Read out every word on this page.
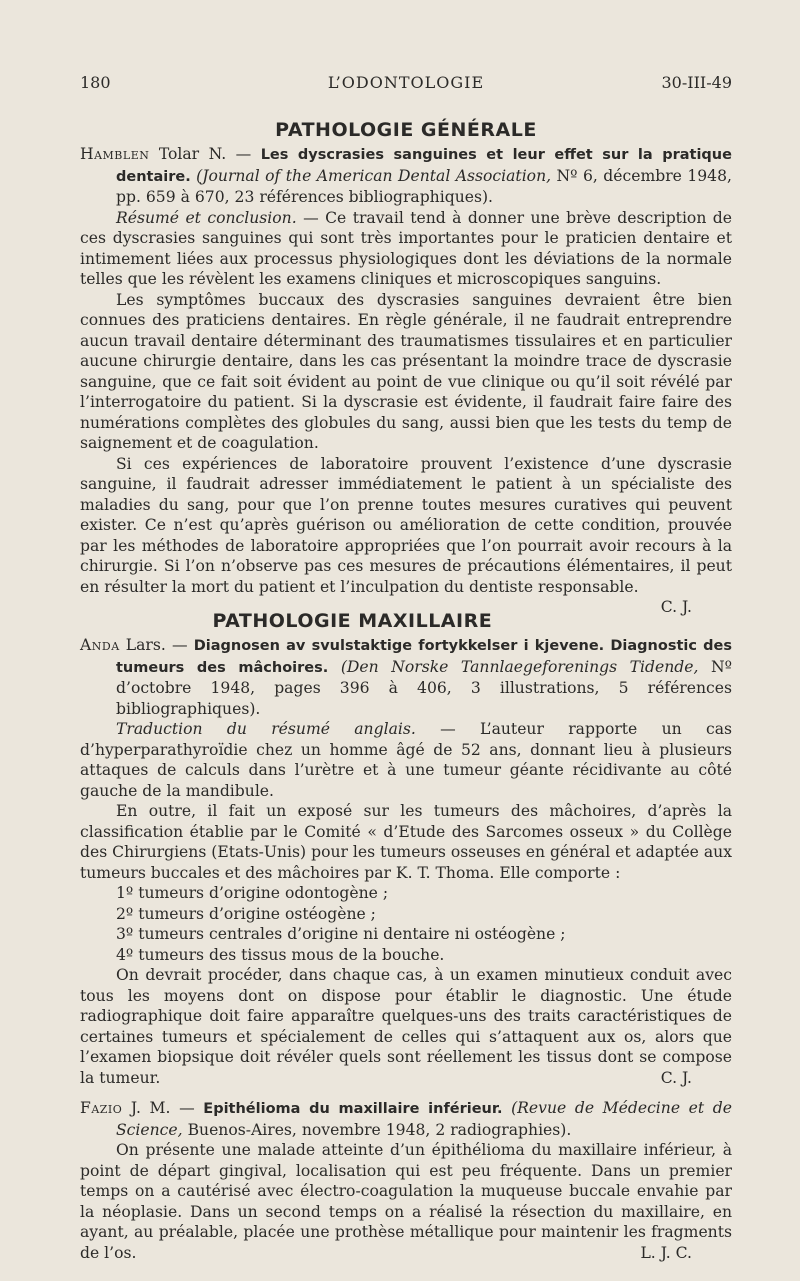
L’ODONTOLOGIE
180	30-III-49
PATHOLOGIE GÉNÉRALE

Hamblen Tolar N. — Les dyscrasies sanguines et leur effet sur la pratique dentaire. (Journal of the American Dental Association, Nº 6, décembre 1948, pp. 659 à 670, 23 références bibliographiques).

Résumé et conclusion. — Ce travail tend à donner une brève description de ces dyscrasies sanguines qui sont très importantes pour le praticien dentaire et intimement liées aux processus physiologiques dont les déviations de la normale telles que les révèlent les examens cliniques et microscopiques sanguins.

Les symptômes buccaux des dyscrasies sanguines devraient être bien connues des praticiens dentaires. En règle générale, il ne faudrait entreprendre aucun travail dentaire déterminant des traumatismes tissulaires et en particulier aucune chirurgie dentaire, dans les cas présentant la moindre trace de dyscrasie sanguine, que ce fait soit évident au point de vue clinique ou qu’il soit révélé par l’interrogatoire du patient. Si la dyscrasie est évidente, il faudrait faire faire des numérations complètes des globules du sang, aussi bien que les tests du temp de saignement et de coagulation.

Si ces expériences de laboratoire prouvent l’existence d’une dyscrasie sanguine, il faudrait adresser immédiatement le patient à un spécialiste des maladies du sang, pour que l’on prenne toutes mesures curatives qui peuvent exister. Ce n’est qu’après guérison ou amélioration de cette condition, prouvée par les méthodes de laboratoire appropriées que l’on pourrait avoir recours à la chirurgie. Si l’on n’observe pas ces mesures de précautions élémentaires, il peut en résulter la mort du patient et l’inculpation du dentiste responsable.
C. J.

PATHOLOGIE MAXILLAIRE

Anda Lars. — Diagnosen av svulstaktige fortykkelser i kjevene. Diagnostic des tumeurs des mâchoires. (Den Norske Tannlaegeforenings Tidende, Nº d’octobre 1948, pages 396 à 406, 3 illustrations, 5 références bibliographiques).

Traduction du résumé anglais. — L’auteur rapporte un cas d’hyperparathyroïdie chez un homme âgé de 52 ans, donnant lieu à plusieurs attaques de calculs dans l’urètre et à une tumeur géante récidivante au côté gauche de la mandibule.

En outre, il fait un exposé sur les tumeurs des mâchoires, d’après la classification établie par le Comité « d’Etude des Sarcomes osseux » du Collège des Chirurgiens (Etats-Unis) pour les tumeurs osseuses en général et adaptée aux tumeurs buccales et des mâchoires par K. T. Thoma. Elle comporte :

1º tumeurs d’origine odontogène ;

2º tumeurs d’origine ostéogène ;

3º tumeurs centrales d’origine ni dentaire ni ostéogène ;

4º tumeurs des tissus mous de la bouche.

On devrait procéder, dans chaque cas, à un examen minutieux conduit avec tous les moyens dont on dispose pour établir le diagnostic. Une étude radiographique doit faire apparaître quelques-uns des traits caractéristiques de certaines tumeurs et spécialement de celles qui s’attaquent aux os, alors que l’examen biopsique doit révéler quels sont réellement les tissus dont se compose la tumeur.	C. J.

Fazio J. M. — Epithélioma du maxillaire inférieur. (Revue de Médecine et de Science, Buenos-Aires, novembre 1948, 2 radiographies).

On présente une malade atteinte d’un épithélioma du maxillaire inférieur, à point de départ gingival, localisation qui est peu fréquente. Dans un premier temps on a cautérisé avec électro-coagulation la muqueuse buccale envahie par la néoplasie. Dans un second temps on a réalisé la résection du maxillaire, en ayant, au préalable, placée une prothèse métallique pour maintenir les fragments de l’os.	L. J. C.
